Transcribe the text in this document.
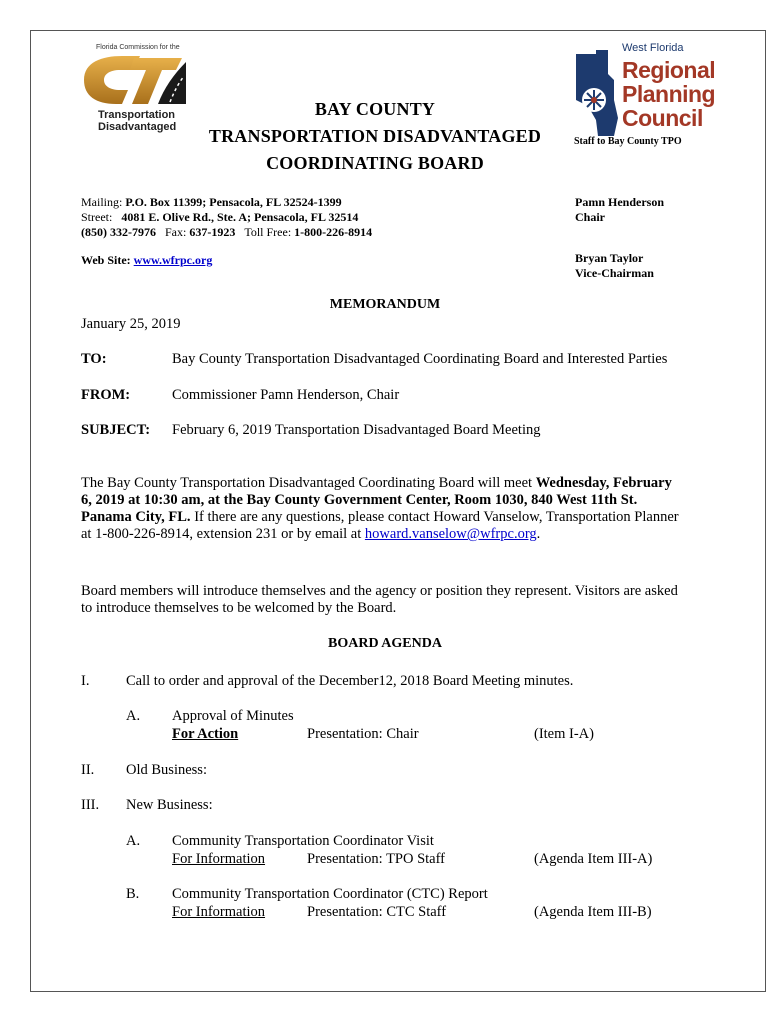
Florida Commission for the
Transportation
Disadvantaged
BAY COUNTY
TRANSPORTATION DISADVANTAGED
COORDINATING BOARD
West Florida
Regional
Planning
Council
Staff to Bay County TPO
Mailing: P.O. Box 11399; Pensacola, FL 32524-1399
Street: 4081 E. Olive Rd., Ste. A; Pensacola, FL 32514
(850) 332-7976 Fax: 637-1923 Toll Free: 1-800-226-8914
Web Site: www.wfrpc.org
Pamn Henderson
Chair
Bryan Taylor
Vice-Chairman
MEMORANDUM
January 25, 2019
TO:	Bay County Transportation Disadvantaged Coordinating Board and Interested Parties
FROM:	Commissioner Pamn Henderson, Chair
SUBJECT: February 6, 2019 Transportation Disadvantaged Board Meeting
The Bay County Transportation Disadvantaged Coordinating Board will meet Wednesday, February 6, 2019 at 10:30 am, at the Bay County Government Center, Room 1030, 840 West 11th St. Panama City, FL. If there are any questions, please contact Howard Vanselow, Transportation Planner at 1-800-226-8914, extension 231 or by email at howard.vanselow@wfrpc.org.
Board members will introduce themselves and the agency or position they represent. Visitors are asked to introduce themselves to be welcomed by the Board.
BOARD AGENDA
I.	Call to order and approval of the December12, 2018 Board Meeting minutes.
A. Approval of Minutes
For Action	Presentation: Chair	(Item I-A)
II. Old Business:
III. New Business:
A. Community Transportation Coordinator Visit
For Information	Presentation: TPO Staff	(Agenda Item III-A)
B. Community Transportation Coordinator (CTC) Report
For Information	Presentation: CTC Staff	(Agenda Item III-B)
